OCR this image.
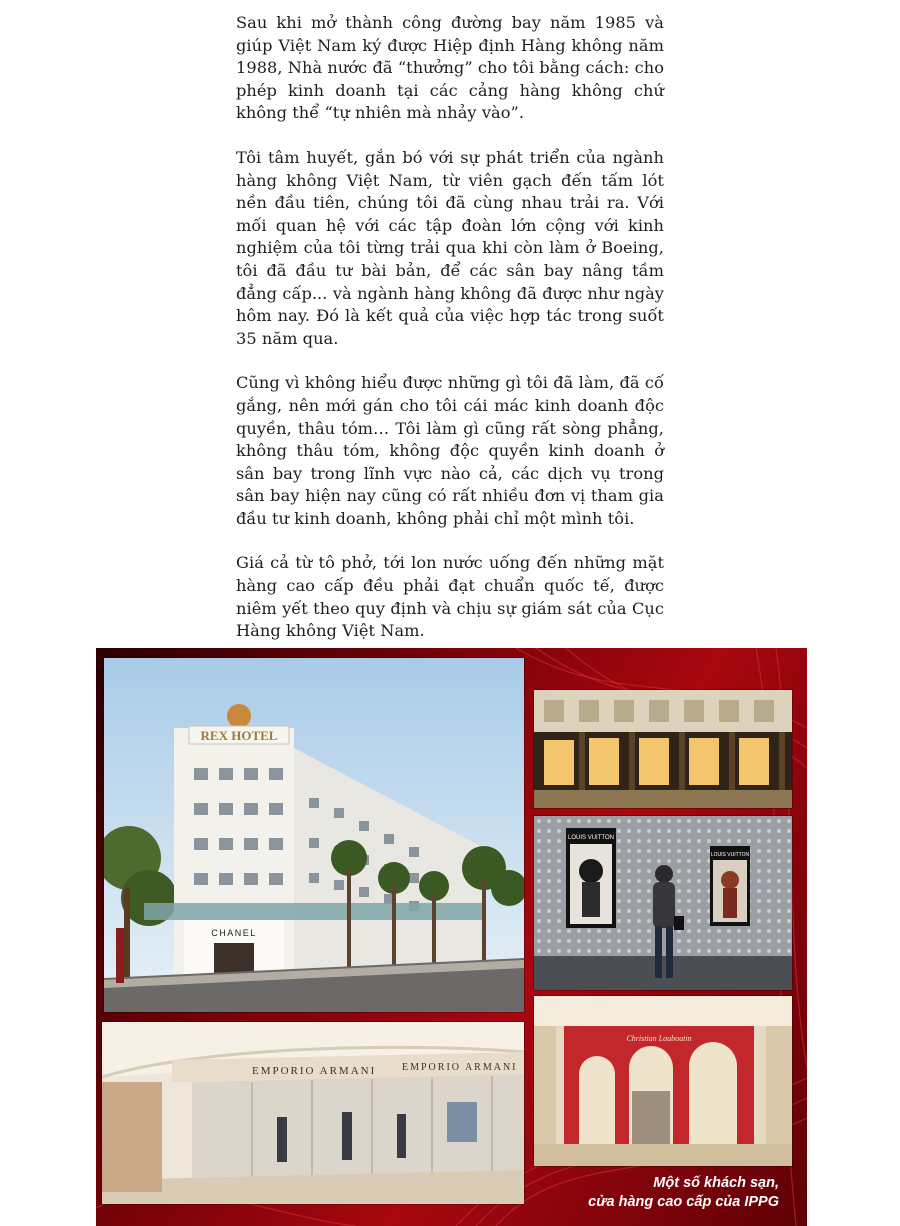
Sau khi mở thành công đường bay năm 1985 và giúp Việt Nam ký được Hiệp định Hàng không năm 1988, Nhà nước đã “thưởng” cho tôi bằng cách: cho phép kinh doanh tại các cảng hàng không chứ không thể “tự nhiên mà nhảy vào”.

Tôi tâm huyết, gắn bó với sự phát triển của ngành hàng không Việt Nam, từ viên gạch đến tấm lót nền đầu tiên, chúng tôi đã cùng nhau trải ra. Với mối quan hệ với các tập đoàn lớn cộng với kinh nghiệm của tôi từng trải qua khi còn làm ở Boeing, tôi đã đầu tư bài bản, để các sân bay nâng tầm đẳng cấp... và ngành hàng không đã được như ngày hôm nay. Đó là kết quả của việc hợp tác trong suốt 35 năm qua.

Cũng vì không hiểu được những gì tôi đã làm, đã cố gắng, nên mới gán cho tôi cái mác kinh doanh độc quyền, thâu tóm… Tôi làm gì cũng rất sòng phẳng, không thâu tóm, không độc quyền kinh doanh ở sân bay trong lĩnh vực nào cả, các dịch vụ trong sân bay hiện nay cũng có rất nhiều đơn vị tham gia đầu tư kinh doanh, không phải chỉ một mình tôi.

Giá cả từ tô phở, tới lon nước uống đến những mặt hàng cao cấp đều phải đạt chuẩn quốc tế, được niêm yết theo quy định và chịu sự giám sát của Cục Hàng không Việt Nam.

REX HOTEL
CHANEL
EMPORIO ARMANI	EMPORIO ARMANI
LOUIS VUITTON
LOUIS VUITTON
Christian Louboutin
Một số khách sạn,
cửa hàng cao cấp của IPPG
